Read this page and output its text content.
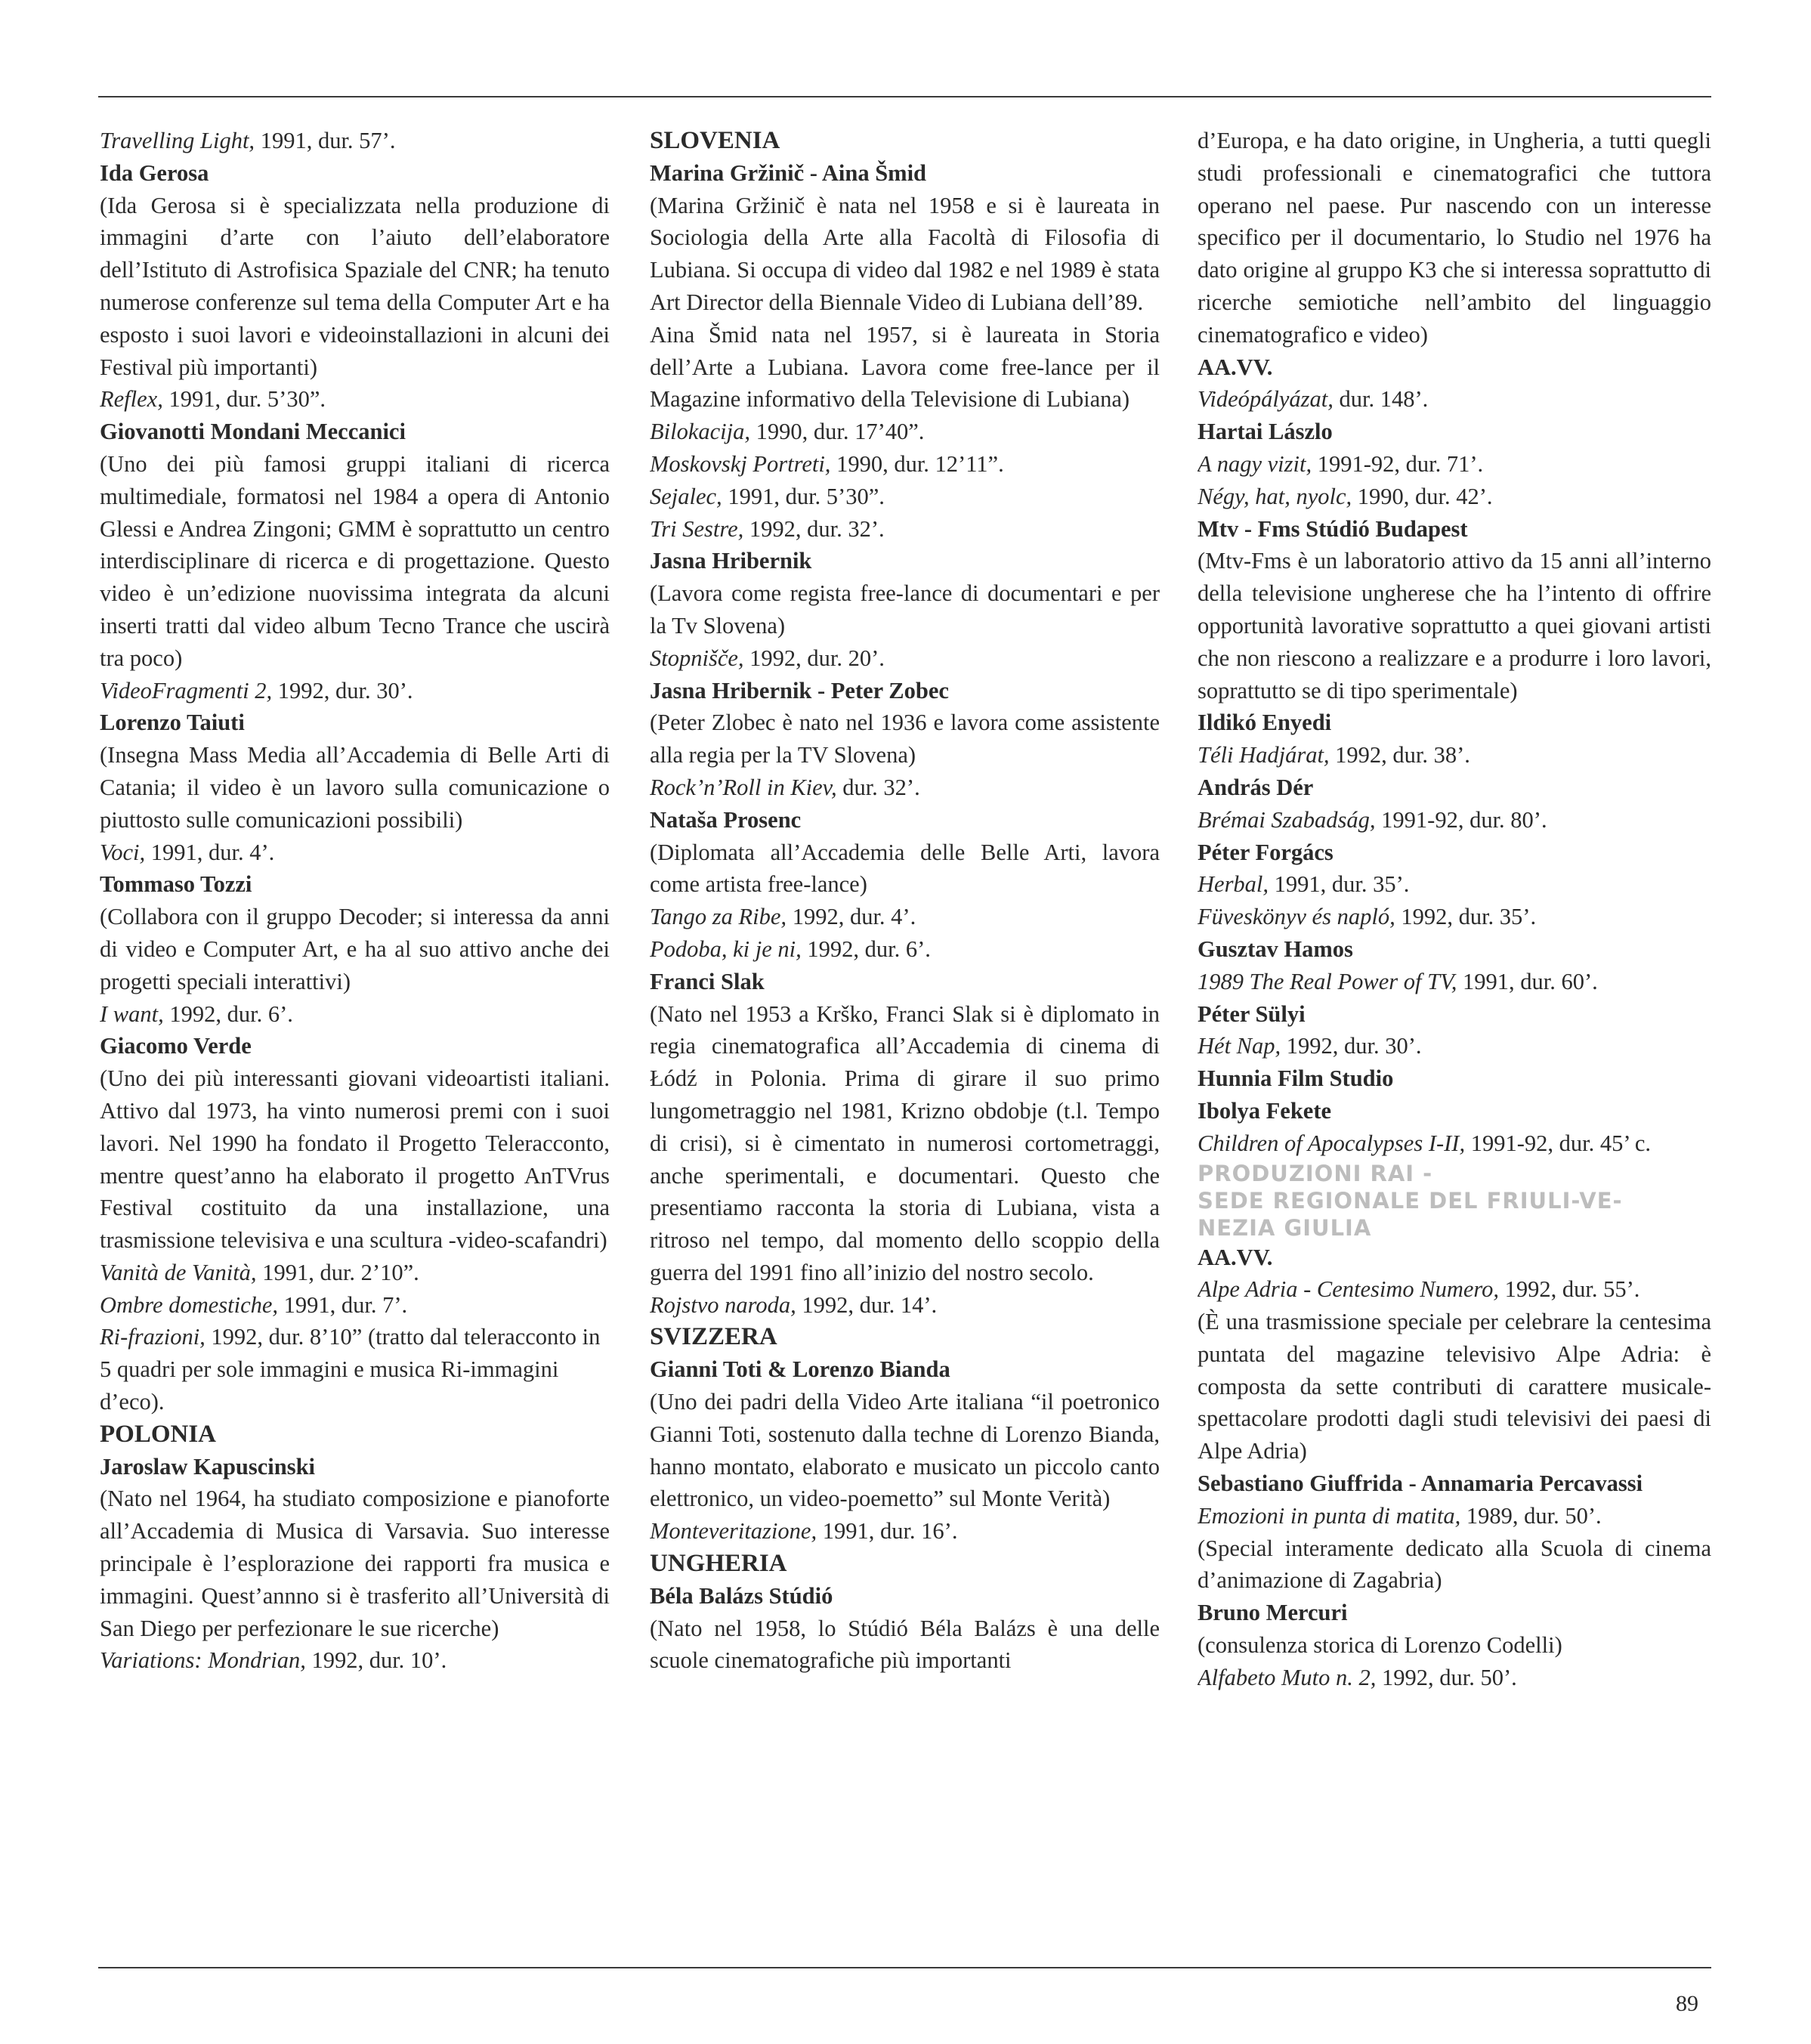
Travelling Light, 1991, dur. 57’.

Ida Gerosa

(Ida Gerosa si è specializzata nella produzione di immagini d’arte con l’aiuto dell’elaboratore dell’Istituto di Astrofisica Spaziale del CNR; ha tenuto numerose conferenze sul tema della Computer Art e ha esposto i suoi lavori e videoinstallazioni in alcuni dei Festival più importanti)

Reflex, 1991, dur. 5’30”.

Giovanotti Mondani Meccanici

(Uno dei più famosi gruppi italiani di ricerca multimediale, formatosi nel 1984 a opera di Antonio Glessi e Andrea Zingoni; GMM è soprattutto un centro interdisciplinare di ricerca e di progettazione. Questo video è un’edizione nuovissima integrata da alcuni inserti tratti dal video album Tecno Trance che uscirà tra poco)

VideoFragmenti 2, 1992, dur. 30’.

Lorenzo Taiuti

(Insegna Mass Media all’Accademia di Belle Arti di Catania; il video è un lavoro sulla comunicazione o piuttosto sulle comunicazioni possibili)

Voci, 1991, dur. 4’.

Tommaso Tozzi

(Collabora con il gruppo Decoder; si interessa da anni di video e Computer Art, e ha al suo attivo anche dei progetti speciali interattivi)

I want, 1992, dur. 6’.

Giacomo Verde

(Uno dei più interessanti giovani videoartisti italiani. Attivo dal 1973, ha vinto numerosi premi con i suoi lavori. Nel 1990 ha fondato il Progetto Teleracconto, mentre quest’anno ha elaborato il progetto AnTVrus Festival costituito da una installazione, una trasmissione televisiva e una scultura -video-scafandri)

Vanità de Vanità, 1991, dur. 2’10”.

Ombre domestiche, 1991, dur. 7’.

Ri-frazioni, 1992, dur. 8’10” (tratto dal teleracconto in 5 quadri per sole immagini e musica Ri-immagini d’eco).

POLONIA

Jaroslaw Kapuscinski

(Nato nel 1964, ha studiato composizione e pianoforte all’Accademia di Musica di Varsavia. Suo interesse principale è l’esplorazione dei rapporti fra musica e immagini. Quest’annno si è trasferito all’Università di San Diego per perfezionare le sue ricerche)

Variations: Mondrian, 1992, dur. 10’.

SLOVENIA

Marina Gržinič - Aina Šmid

(Marina Gržinič è nata nel 1958 e si è laureata in Sociologia della Arte alla Facoltà di Filosofia di Lubiana. Si occupa di video dal 1982 e nel 1989 è stata Art Director della Biennale Video di Lubiana dell’89.

Aina Šmid nata nel 1957, si è laureata in Storia dell’Arte a Lubiana. Lavora come free-lance per il Magazine informativo della Televisione di Lubiana)

Bilokacija, 1990, dur. 17’40”.

Moskovskj Portreti, 1990, dur. 12’11”.

Sejalec, 1991, dur. 5’30”.

Tri Sestre, 1992, dur. 32’.

Jasna Hribernik

(Lavora come regista free-lance di documentari e per la Tv Slovena)

Stopnišče, 1992, dur. 20’.

Jasna Hribernik - Peter Zobec

(Peter Zlobec è nato nel 1936 e lavora come assistente alla regia per la TV Slovena)

Rock’n’Roll in Kiev, dur. 32’.

Nataša Prosenc

(Diplomata all’Accademia delle Belle Arti, lavora come artista free-lance)

Tango za Ribe, 1992, dur. 4’.

Podoba, ki je ni, 1992, dur. 6’.

Franci Slak

(Nato nel 1953 a Krško, Franci Slak si è diplomato in regia cinematografica all’Accademia di cinema di Łódź in Polonia. Prima di girare il suo primo lungometraggio nel 1981, Krizno obdobje (t.l. Tempo di crisi), si è cimentato in numerosi cortometraggi, anche sperimentali, e documentari. Questo che presentiamo racconta la storia di Lubiana, vista a ritroso nel tempo, dal momento dello scoppio della guerra del 1991 fino all’inizio del nostro secolo.

Rojstvo naroda, 1992, dur. 14’.

SVIZZERA

Gianni Toti & Lorenzo Bianda

(Uno dei padri della Video Arte italiana “il poetronico Gianni Toti, sostenuto dalla techne di Lorenzo Bianda, hanno montato, elaborato e musicato un piccolo canto elettronico, un video-poemetto” sul Monte Verità)

Monteveritazione, 1991, dur. 16’.

UNGHERIA

Béla Balázs Stúdió

(Nato nel 1958, lo Stúdió Béla Balázs è una delle scuole cinematografiche più importanti

d’Europa, e ha dato origine, in Ungheria, a tutti quegli studi professionali e cinematografici che tuttora operano nel paese. Pur nascendo con un interesse specifico per il documentario, lo Studio nel 1976 ha dato origine al gruppo K3 che si interessa soprattutto di ricerche semiotiche nell’ambito del linguaggio cinematografico e video)

AA.VV.

Videópályázat, dur. 148’.

Hartai Lászlo

A nagy vizit, 1991-92, dur. 71’.

Négy, hat, nyolc, 1990, dur. 42’.

Mtv - Fms Stúdió Budapest

(Mtv-Fms è un laboratorio attivo da 15 anni all’interno della televisione ungherese che ha l’intento di offrire opportunità lavorative soprattutto a quei giovani artisti che non riescono a realizzare e a produrre i loro lavori, soprattutto se di tipo sperimentale)

Ildikó Enyedi

Téli Hadjárat, 1992, dur. 38’.

András Dér

Brémai Szabadság, 1991-92, dur. 80’.

Péter Forgács

Herbal, 1991, dur. 35’.

Füveskönyv és napló, 1992, dur. 35’.

Gusztav Hamos

1989 The Real Power of TV, 1991, dur. 60’.

Péter Sülyi

Hét Nap, 1992, dur. 30’.

Hunnia Film Studio

Ibolya Fekete

Children of Apocalypses I-II, 1991-92, dur. 45’ c.

PRODUZIONI RAI -
SEDE REGIONALE DEL FRIULI-VE-
NEZIA GIULIA

AA.VV.

Alpe Adria - Centesimo Numero, 1992, dur. 55’.

(È una trasmissione speciale per celebrare la centesima puntata del magazine televisivo Alpe Adria: è composta da sette contributi di carattere musicale-spettacolare prodotti dagli studi televisivi dei paesi di Alpe Adria)

Sebastiano Giuffrida - Annamaria Percavassi

Emozioni in punta di matita, 1989, dur. 50’.

(Special interamente dedicato alla Scuola di cinema d’animazione di Zagabria)

Bruno Mercuri

(consulenza storica di Lorenzo Codelli)

Alfabeto Muto n. 2, 1992, dur. 50’.

89
